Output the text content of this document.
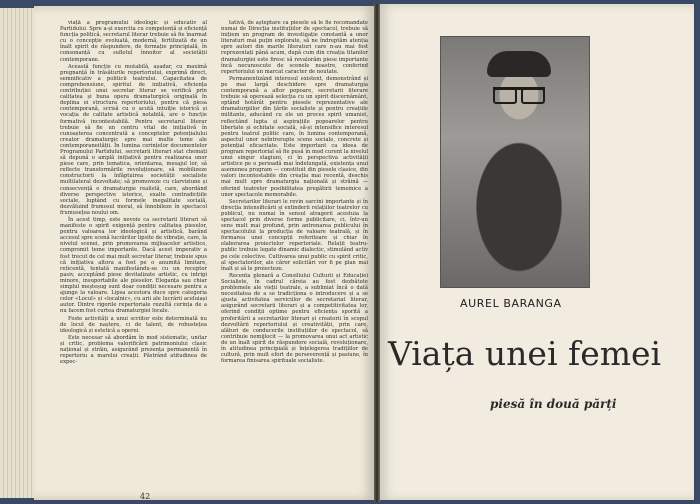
viață a programului ideologic și educativ al Partidului. Spre a-și exercita cu competență și eficiență funcția politică, secretarul literar trebuie să fie înarmat cu o concepție evoluată, modernă, fertilizată de un înalt spirit de răspundere, de formație principială, în consonanță cu sufletul înnoitor al societății contemporane.

Această funcție cu mutabilă, așadar, cu maximă pregnanță în trăsăturile repertoriului, exprimă direct, semnificativ a politicii teatrului. Capacitatea de comprehensiune, spiritul de inițiativă, eficiența contribuției unui secretar literar se verifică prin calitatea și buna opera dramaturgică originală în deplina ei structura repertoriului, pentru că piesa contemporană, scrisă cu o acută intuiție istorică și vocația de calitate artistică notabilă, are o funcție formativă incontestabilă. Pentru secretarul literar trebuie să fie un centru vital de inițiativă în cunoașterea concentrată a conceptelor potențialului creator dramaturgic spre mai multe teme ale contemporaneității. În lumina cerințelor documentelor Programului Partidului, secretarii literari stat chemați să depună o amplă inițiativă pentru realizarea unor piese care, prin tematica, orientarea, mesajul lor, să reflecte transformările revoluționare, să mobilizeze constructorii la înfăptuirea societății socialiste multilateral dezvoltate; să promoveze cu clarviziune și consecvență o dramaturgie realistă, care, abordând diverse perspective istorice, exalte contradicțiile sociale, luptând cu formele inegalitate socială, dezvăluind frumosul moral, să înnobileze în spectacol frumusețea noului om.

În acest timp, este nevoie ca secretarii literari să manifeste o spirit exigență pentru calitatea pieselor, pentru valoarea lor ideologică și artistică, barând accesul spre scenă lucrărilor lipsite de vibrație, care, la nivelul scenei, prin promovarea mijloacelor artistice, compromit teme importante. Dacă acest imperativ a fost trecut de cel mai mult secretar literar, trebuie spus că inițiativa altora a fost pe o anumită limitare, reticentă, tentată manifestându-se cu un receptor pasiv, acceptând piese devitalizate artistic, cu intrigi minore, insuportabile ale pieselor. Eleganța sau chiar simplul meșteșug sunt doar condiții necesare pentru a ajunge la valoare. Lipsa acestora duce spre categoria celor «Locul» și «localnic», cu arii ale lucrării aceluiași autor. Dintre rigorile repertoriale rezultă cerința de a nu facem fost curtea dramaturgiei locale.

Foste activități a unui scriitor este determinată nu de locul de naștere, ci de talent, de robustețea ideologică și estetică a operei.

Este necesar să abordăm în mod sistematic, unitar și critic, problema valorificării patrimoniului clasic național și străin, asigurând prezența permanentă în repertoriu a marelui creații. Păstrând atitudinea de expec-

tativă, de așteptare ca piesele să le fie recomandate numai de Direcția instituțiilor de spectacol, trebuie să inițiem un program de investigație constantă a unor literaturi mai puțin explorate, să ne îndreptăm atenția spre autori din marile literaturi care n-au mai fost reprezentați până acum, după cum din creația titanilor dramaturgiei este firesc să revalorăm piese importante încă necunoscute de scenele noastre, conferind repertoriului un marcat caracter de noutate.

Permanentizând interesul existent, demonstrând și pe mai largă deschidere spre dramaturgia contemporană a altor popoare, secretarii literare trebuie să operează selecția cu un spirit discernământ, optând hotărât pentru piesele reprezentative ale dramaturgiilor din țările socialiste și pentru creațiile militante, aducând cu ele un proces spirit umanist, reflectând lupta și aspirațiile popoarelor pentru libertate și echitate socială, să-și intensifice interesul pentru teatrul politic care, în lumina contemporană, aspectul unor neîntrerupte scene sociale, concrete și potențial eficacitate. Este important ca ideea de program repertorial să fie pusă în mod curent la nivelul unui singur stagiuni, ci în perspectiva activității artistice pe o perioadă mai îndelungată, existența unui asemenea program — constituit din piesele clasice, din valori incontestabile din creația mai recentă, deschis mai mult spre dramaturgia națională și străină — oferind teatrelor posibilitatea pregătirii temeinice a unor spectacole memorabile.

Secretarilor literari le revin sarcini importante și în direcția intensificării și extinderii relațiilor teatrelor cu publicul, nu numai în sensul atragerii acestuia la spectacol prin diverse forme publicitare, ci, într-un sens mult mai profund, prin antrenarea publicului în spectacolului la producția de valoare teatrală, și în formarea unei concepții referitoare și chiar în elaborarea proiectelor repertoriale. Relații teatru-public trebuie legate dinamic dialectic, stimulând activ pe cele colective. Cultivarea unui public cu spirit critic, al spectatorilor, ale căror solicitări vor fi pe plan mai înalt și să le proiecteze.

Recenta plenară a Consiliului Culturii și Educației Socialiste, în cadrul căreia au fost dezbătute problemele ale vieții teatrale, a subliniat încă o dată necesitatea de a se tradicționa o introducere și a se ajusta activitatea serviciilor de secretariat literar, asigurând secretarii literari și a competitivitatea lor, oferind condiții optime pentru eficiența sporită a proferitării a secretarilor literari și creatorii în scopul dezvoltării repertoriului și creativității, prin care, alături de conducerile instituțiilor de spectacol, să contribuie nemijlocit — la promovarea unui act artistic de un înalt spirit de răspundere socială, revoluționare, în atitudinea principială și înțelegerea tradițiilor de cultură, prin mult efort de perseverență și pasiune, în formarea finisarea spirituale socialiste.

42
AUREL BARANGA
Viața unei femei
piesă în două părți
